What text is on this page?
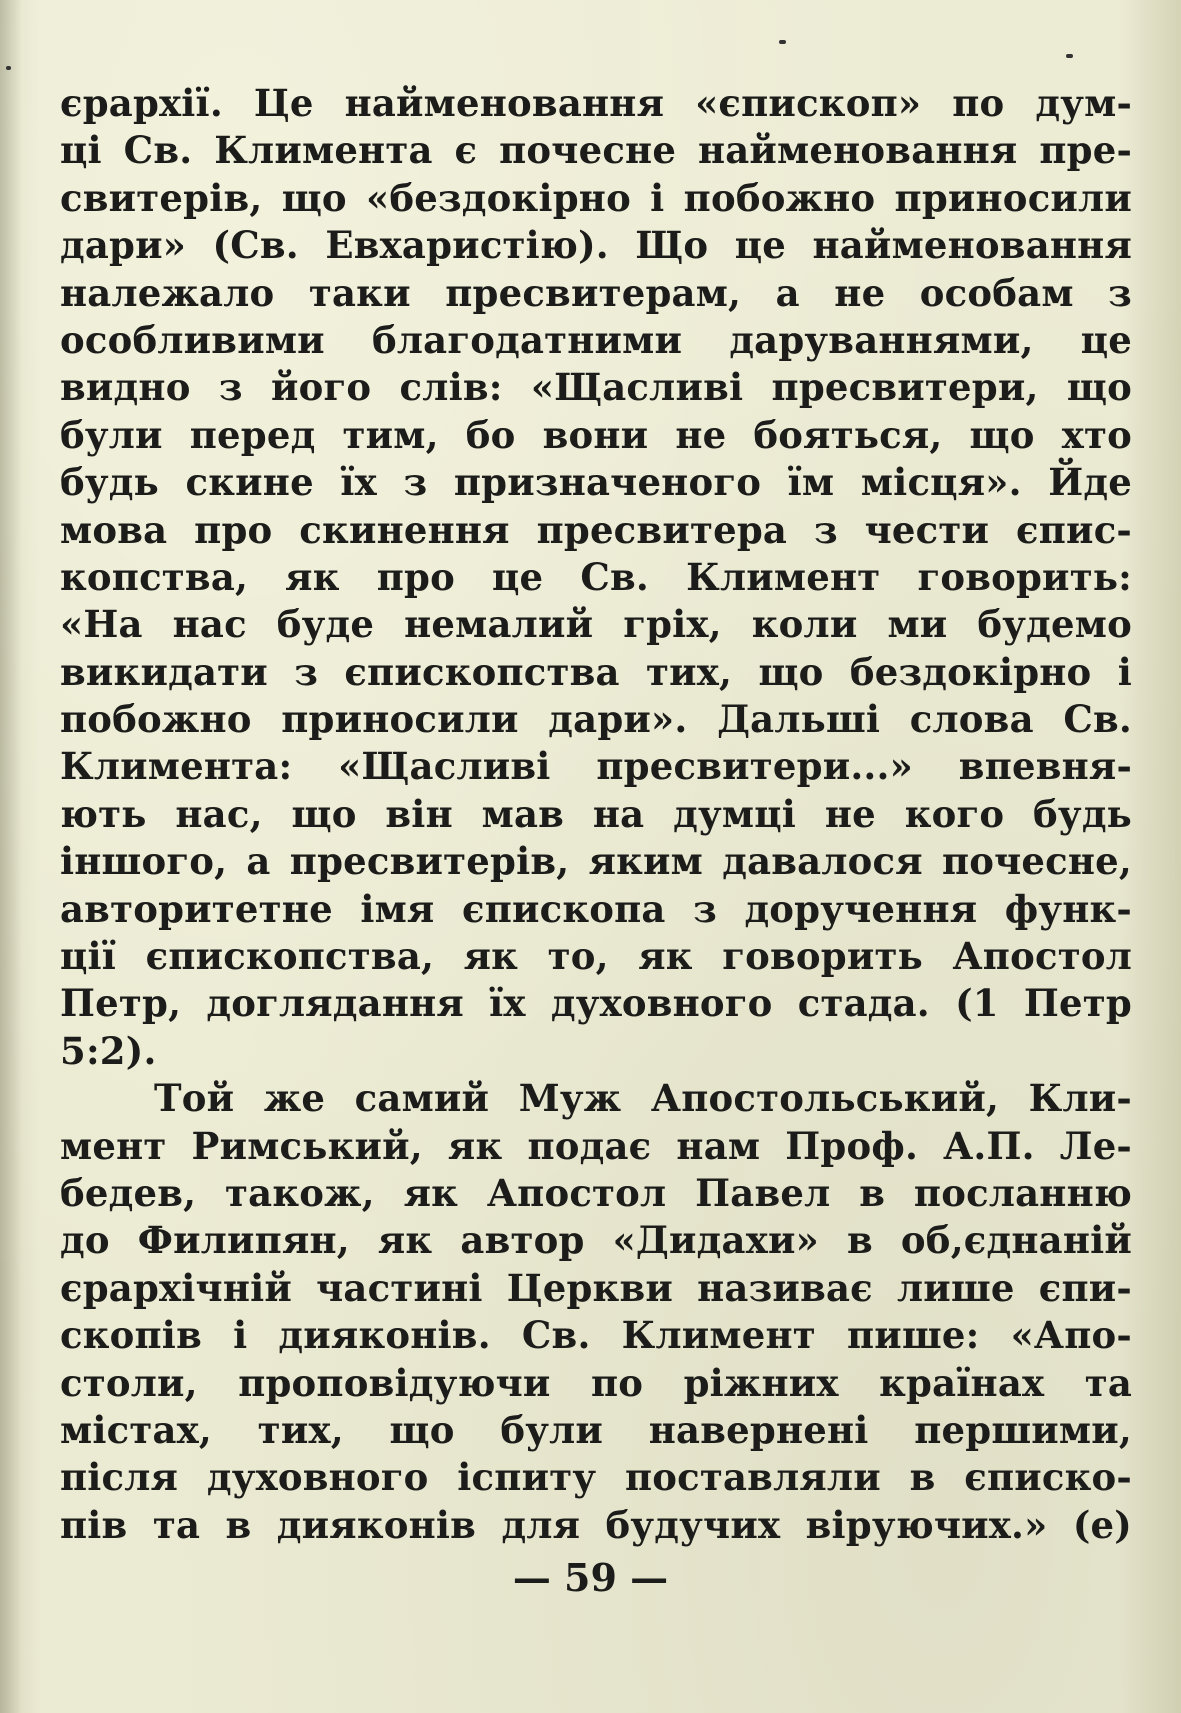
єрархії. Це найменовання «єпископ» по дум-
ці Св. Климента є почесне найменовання пре-
свитерів, що «бездокірно і побожно приносили
дари» (Св. Евхаристію). Що це найменовання
належало таки пресвитерам, а не особам з
особливими благодатними даруваннями, це
видно з його слів: «Щасливі пресвитери, що
були перед тим, бо вони не бояться, що хто
будь скине їх з призначеного їм місця». Йде
мова про скинення пресвитера з чести єпис-
копства, як про це Св. Климент говорить:
«На нас буде немалий гріх, коли ми будемо
викидати з єпископства тих, що бездокірно і
побожно приносили дари». Дальші слова Св.
Климента: «Щасливі пресвитери...» впевня-
ють нас, що він мав на думці не кого будь
іншого, а пресвитерів, яким давалося почесне,
авторитетне імя єпископа з доручення функ-
ції єпископства, як то, як говорить Апостол
Петр, доглядання їх духовного стада. (1 Петр
5:2).
Той же самий Муж Апостольський, Кли-
мент Римський, як подає нам Проф. А.П. Ле-
бедев, також, як Апостол Павел в посланню
до Филипян, як автор «Дидахи» в об,єднаній
єрархічній частині Церкви називає лише єпи-
скопів і дияконів. Св. Климент пише: «Апо-
столи, проповідуючи по ріжних країнах та
містах, тих, що були навернені першими,
після духовного іспиту поставляли в єписко-
пів та в дияконів для будучих віруючих.» (е)
— 59 —
